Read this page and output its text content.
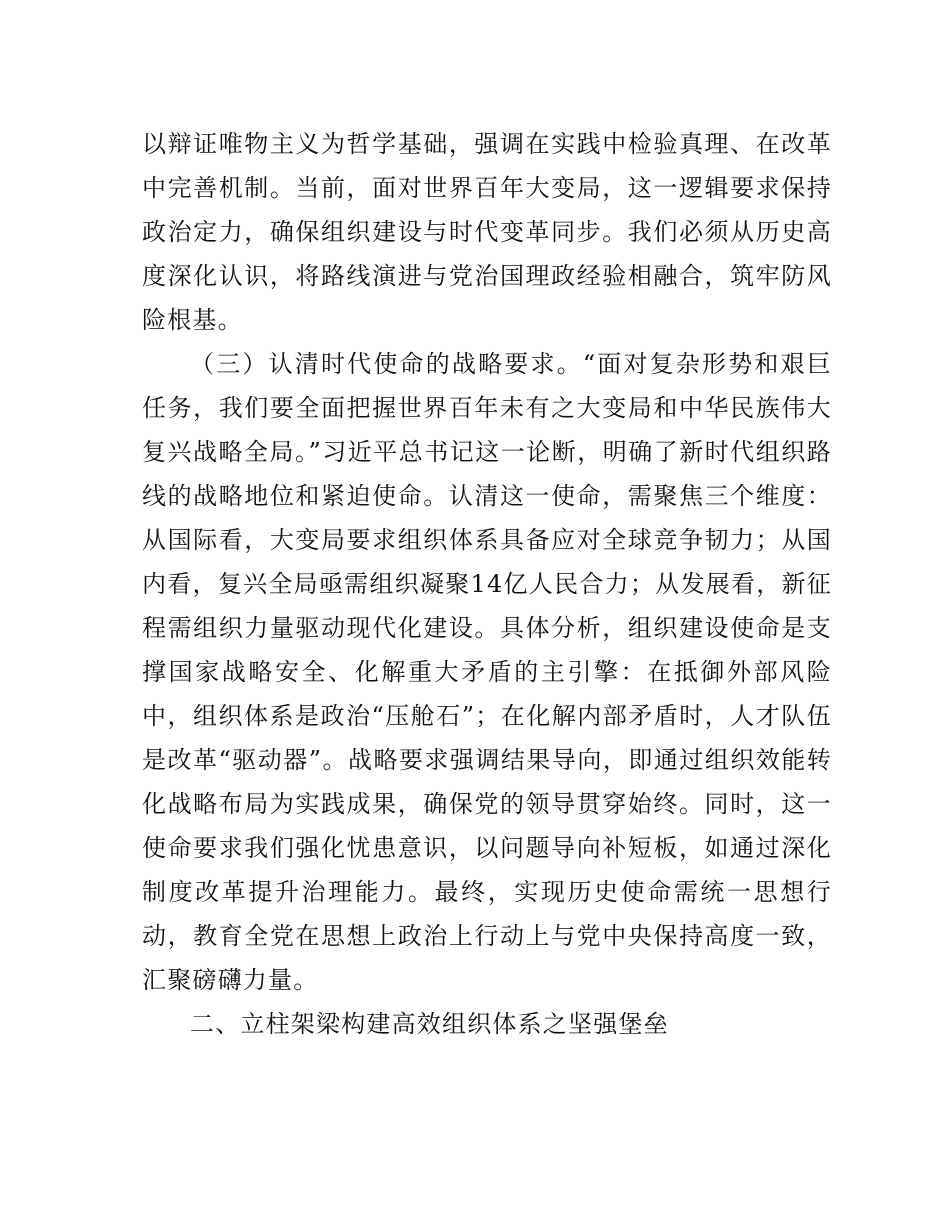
以辩证唯物主义为哲学基础，强调在实践中检验真理、在改革中完善机制。当前，面对世界百年大变局，这一逻辑要求保持政治定力，确保组织建设与时代变革同步。我们必须从历史高度深化认识，将路线演进与党治国理政经验相融合，筑牢防风险根基。

（三）认清时代使命的战略要求。“面对复杂形势和艰巨任务，我们要全面把握世界百年未有之大变局和中华民族伟大复兴战略全局。”习近平总书记这一论断，明确了新时代组织路线的战略地位和紧迫使命。认清这一使命，需聚焦三个维度：从国际看，大变局要求组织体系具备应对全球竞争韧力；从国内看，复兴全局亟需组织凝聚14亿人民合力；从发展看，新征程需组织力量驱动现代化建设。具体分析，组织建设使命是支撑国家战略安全、化解重大矛盾的主引擎：在抵御外部风险中，组织体系是政治“压舱石”；在化解内部矛盾时，人才队伍是改革“驱动器”。战略要求强调结果导向，即通过组织效能转化战略布局为实践成果，确保党的领导贯穿始终。同时，这一使命要求我们强化忧患意识，以问题导向补短板，如通过深化制度改革提升治理能力。最终，实现历史使命需统一思想行动，教育全党在思想上政治上行动上与党中央保持高度一致，汇聚磅礴力量。

二、立柱架梁构建高效组织体系之坚强堡垒
